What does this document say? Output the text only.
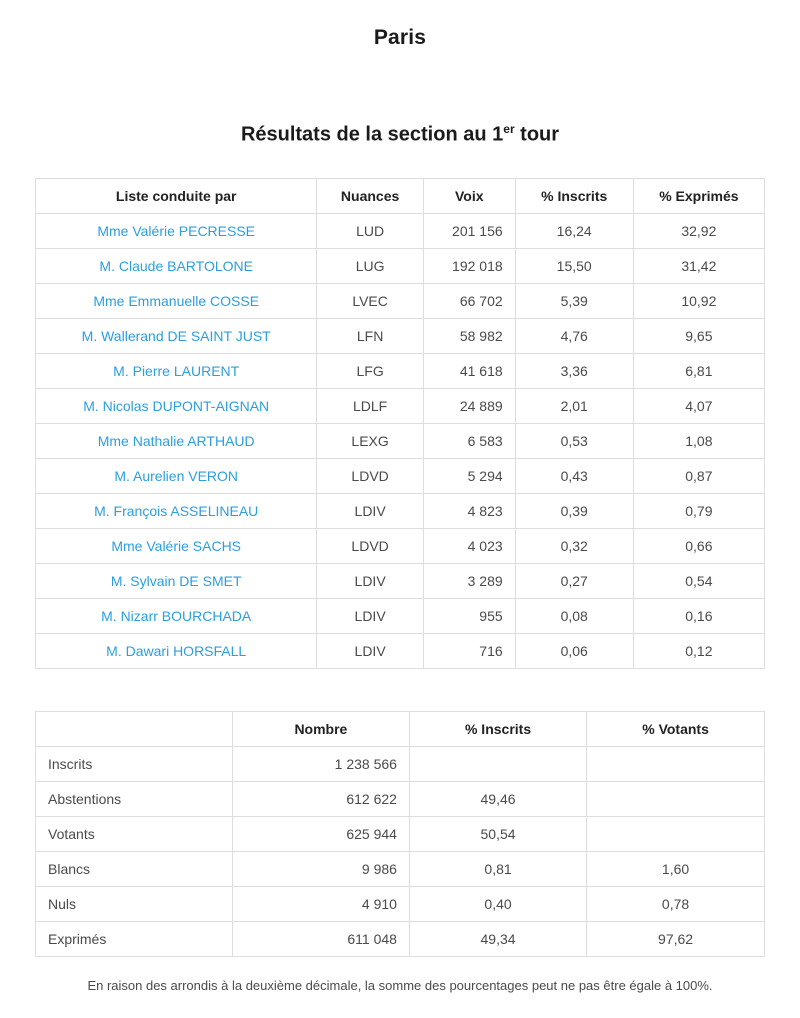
Paris
Résultats de la section au 1er tour
Liste conduite par	Nuances	Voix	% Inscrits	% Exprimés
Mme Valérie PECRESSE	LUD	201 156	16,24	32,92
M. Claude BARTOLONE	LUG	192 018	15,50	31,42
Mme Emmanuelle COSSE	LVEC	66 702	5,39	10,92
M. Wallerand DE SAINT JUST	LFN	58 982	4,76	9,65
M. Pierre LAURENT	LFG	41 618	3,36	6,81
M. Nicolas DUPONT-AIGNAN	LDLF	24 889	2,01	4,07
Mme Nathalie ARTHAUD	LEXG	6 583	0,53	1,08
M. Aurelien VERON	LDVD	5 294	0,43	0,87
M. François ASSELINEAU	LDIV	4 823	0,39	0,79
Mme Valérie SACHS	LDVD	4 023	0,32	0,66
M. Sylvain DE SMET	LDIV	3 289	0,27	0,54
M. Nizarr BOURCHADA	LDIV	955	0,08	0,16
M. Dawari HORSFALL	LDIV	716	0,06	0,12
	Nombre	% Inscrits	% Votants
Inscrits	1 238 566		
Abstentions	612 622	49,46	
Votants	625 944	50,54	
Blancs	9 986	0,81	1,60
Nuls	4 910	0,40	0,78
Exprimés	611 048	49,34	97,62
En raison des arrondis à la deuxième décimale, la somme des pourcentages peut ne pas être égale à 100%.
